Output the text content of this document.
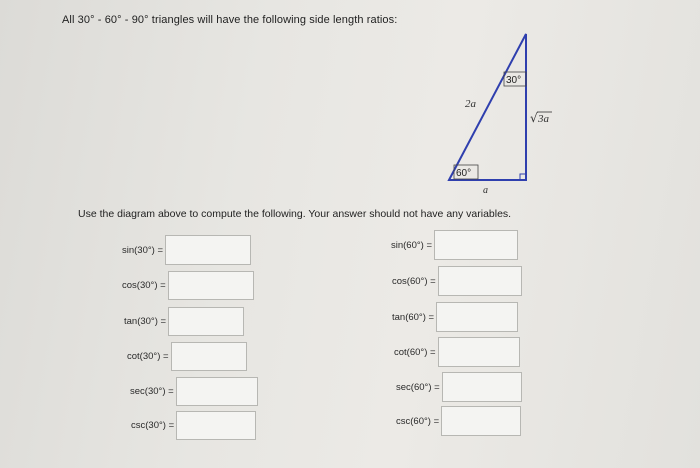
All 30° - 60° - 90° triangles will have the following side length ratios:
30°
60°
2a
√ 3a
a
Use the diagram above to compute the following. Your answer should not have any variables.
sin(30°) =
cos(30°) =
tan(30°) =
cot(30°) =
sec(30°) =
csc(30°) =
sin(60°) =
cos(60°) =
tan(60°) =
cot(60°) =
sec(60°) =
csc(60°) =
